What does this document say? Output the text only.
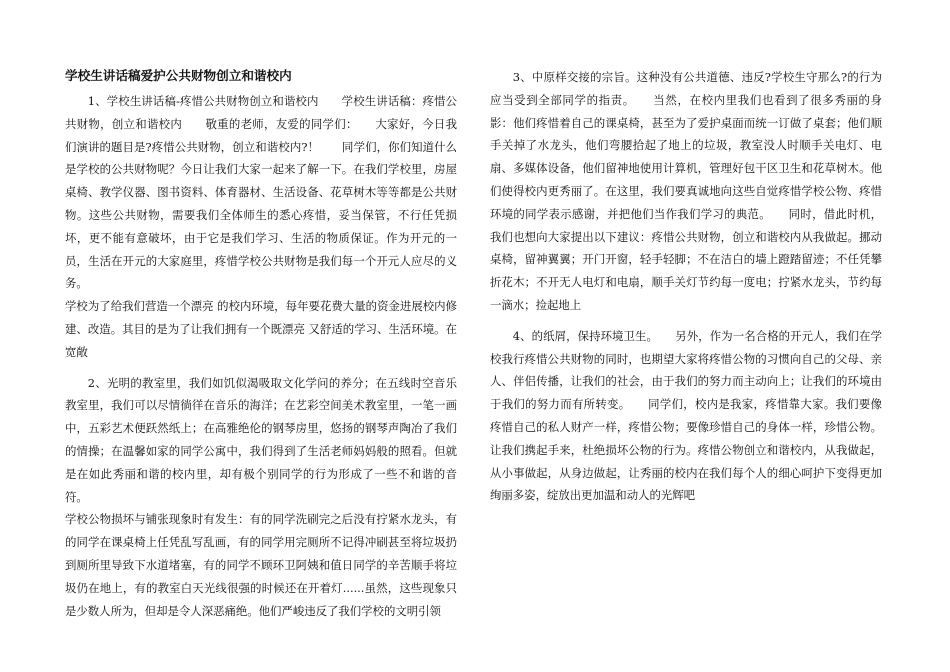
学校生讲话稿爱护公共财物创立和谐校内

1、学校生讲话稿-疼惜公共财物创立和谐校内　　学校生讲话稿：疼惜公共财物，创立和谐校内　　敬重的老师，友爱的同学们：　　大家好，今日我们演讲的题目是?疼惜公共财物，创立和谐校内?！　　同学们，你们知道什么是学校的公共财物呢？今日让我们大家一起来了解一下。在我们学校里，房屋桌椅、教学仪器、图书资料、体育器材、生活设备、花草树木等等都是公共财物。这些公共财物，需要我们全体师生的悉心疼惜，妥当保管，不行任凭损坏，更不能有意破坏，由于它是我们学习、生活的物质保证。作为开元的一员，生活在开元的大家庭里，疼惜学校公共财物是我们每一个开元人应尽的义务。

学校为了给我们营造一个漂亮 的校内环境，每年要花费大量的资金进展校内修建、改造。其目的是为了让我们拥有一个既漂亮 又舒适的学习、生活环境。在宽敞

2、光明的教室里，我们如饥似渴吸取文化学问的养分；在五线时空音乐教室里，我们可以尽情徜徉在音乐的海洋；在艺彩空间美术教室里，一笔一画中，五彩艺术便跃然纸上；在高雅绝伦的钢琴房里，悠扬的钢琴声陶冶了我们的情操；在温馨如家的同学公寓中，我们得到了生活老师妈妈般的照看。但就是在如此秀丽和谐的校内里，却有极个别同学的行为形成了一些不和谐的音符。

学校公物损坏与铺张现象时有发生：有的同学洗刷完之后没有拧紧水龙头，有的同学在课桌椅上任凭乱写乱画，有的同学用完厕所不记得冲刷甚至将垃圾扔到厕所里导致下水道堵塞，有的同学不顾环卫阿姨和值日同学的辛苦顺手将垃圾仍在地上，有的教室白天光线很强的时候还在开着灯......虽然，这些现象只是少数人所为，但却是令人深恶痛绝。他们严峻违反了我们学校的文明引领

3、中原样交接的宗旨。这种没有公共道德、违反?学校生守那么?的行为应当受到全部同学的指责。　　当然，在校内里我们也看到了很多秀丽的身影：他们疼惜着自己的课桌椅，甚至为了爱护桌面而统一订做了桌套；他们顺手关掉了水龙头，他们弯腰拾起了地上的垃圾，教室没人时顺手关电灯、电扇、多媒体设备，他们留神地使用计算机，管理好包干区卫生和花草树木。他们使得校内更秀丽了。在这里，我们要真诚地向这些自觉疼惜学校公物、疼惜环境的同学表示感谢，并把他们当作我们学习的典范。　　同时，借此时机，我们也想向大家提出以下建议：疼惜公共财物，创立和谐校内从我做起。挪动桌椅，留神翼翼；开门开窗，轻手轻脚；不在洁白的墙上蹬踏留迹；不任凭攀折花木；不开无人电灯和电扇，顺手关灯节约每一度电；拧紧水龙头，节约每一滴水；捡起地上

4、的纸屑，保持环境卫生。　　另外，作为一名合格的开元人，我们在学校我行疼惜公共财物的同时，也期望大家将疼惜公物的习惯向自己的父母、亲人、伴侣传播，让我们的社会，由于我们的努力而主动向上；让我们的环境由于我们的努力而有所转变。　　同学们，校内是我家，疼惜靠大家。我们要像疼惜自己的私人财产一样，疼惜公物；要像珍惜自己的身体一样，珍惜公物。让我们携起手来，杜绝损坏公物的行为。疼惜公物创立和谐校内，从我做起，从小事做起，从身边做起，让秀丽的校内在我们每个人的细心呵护下变得更加绚丽多姿，绽放出更加温和动人的光辉吧
